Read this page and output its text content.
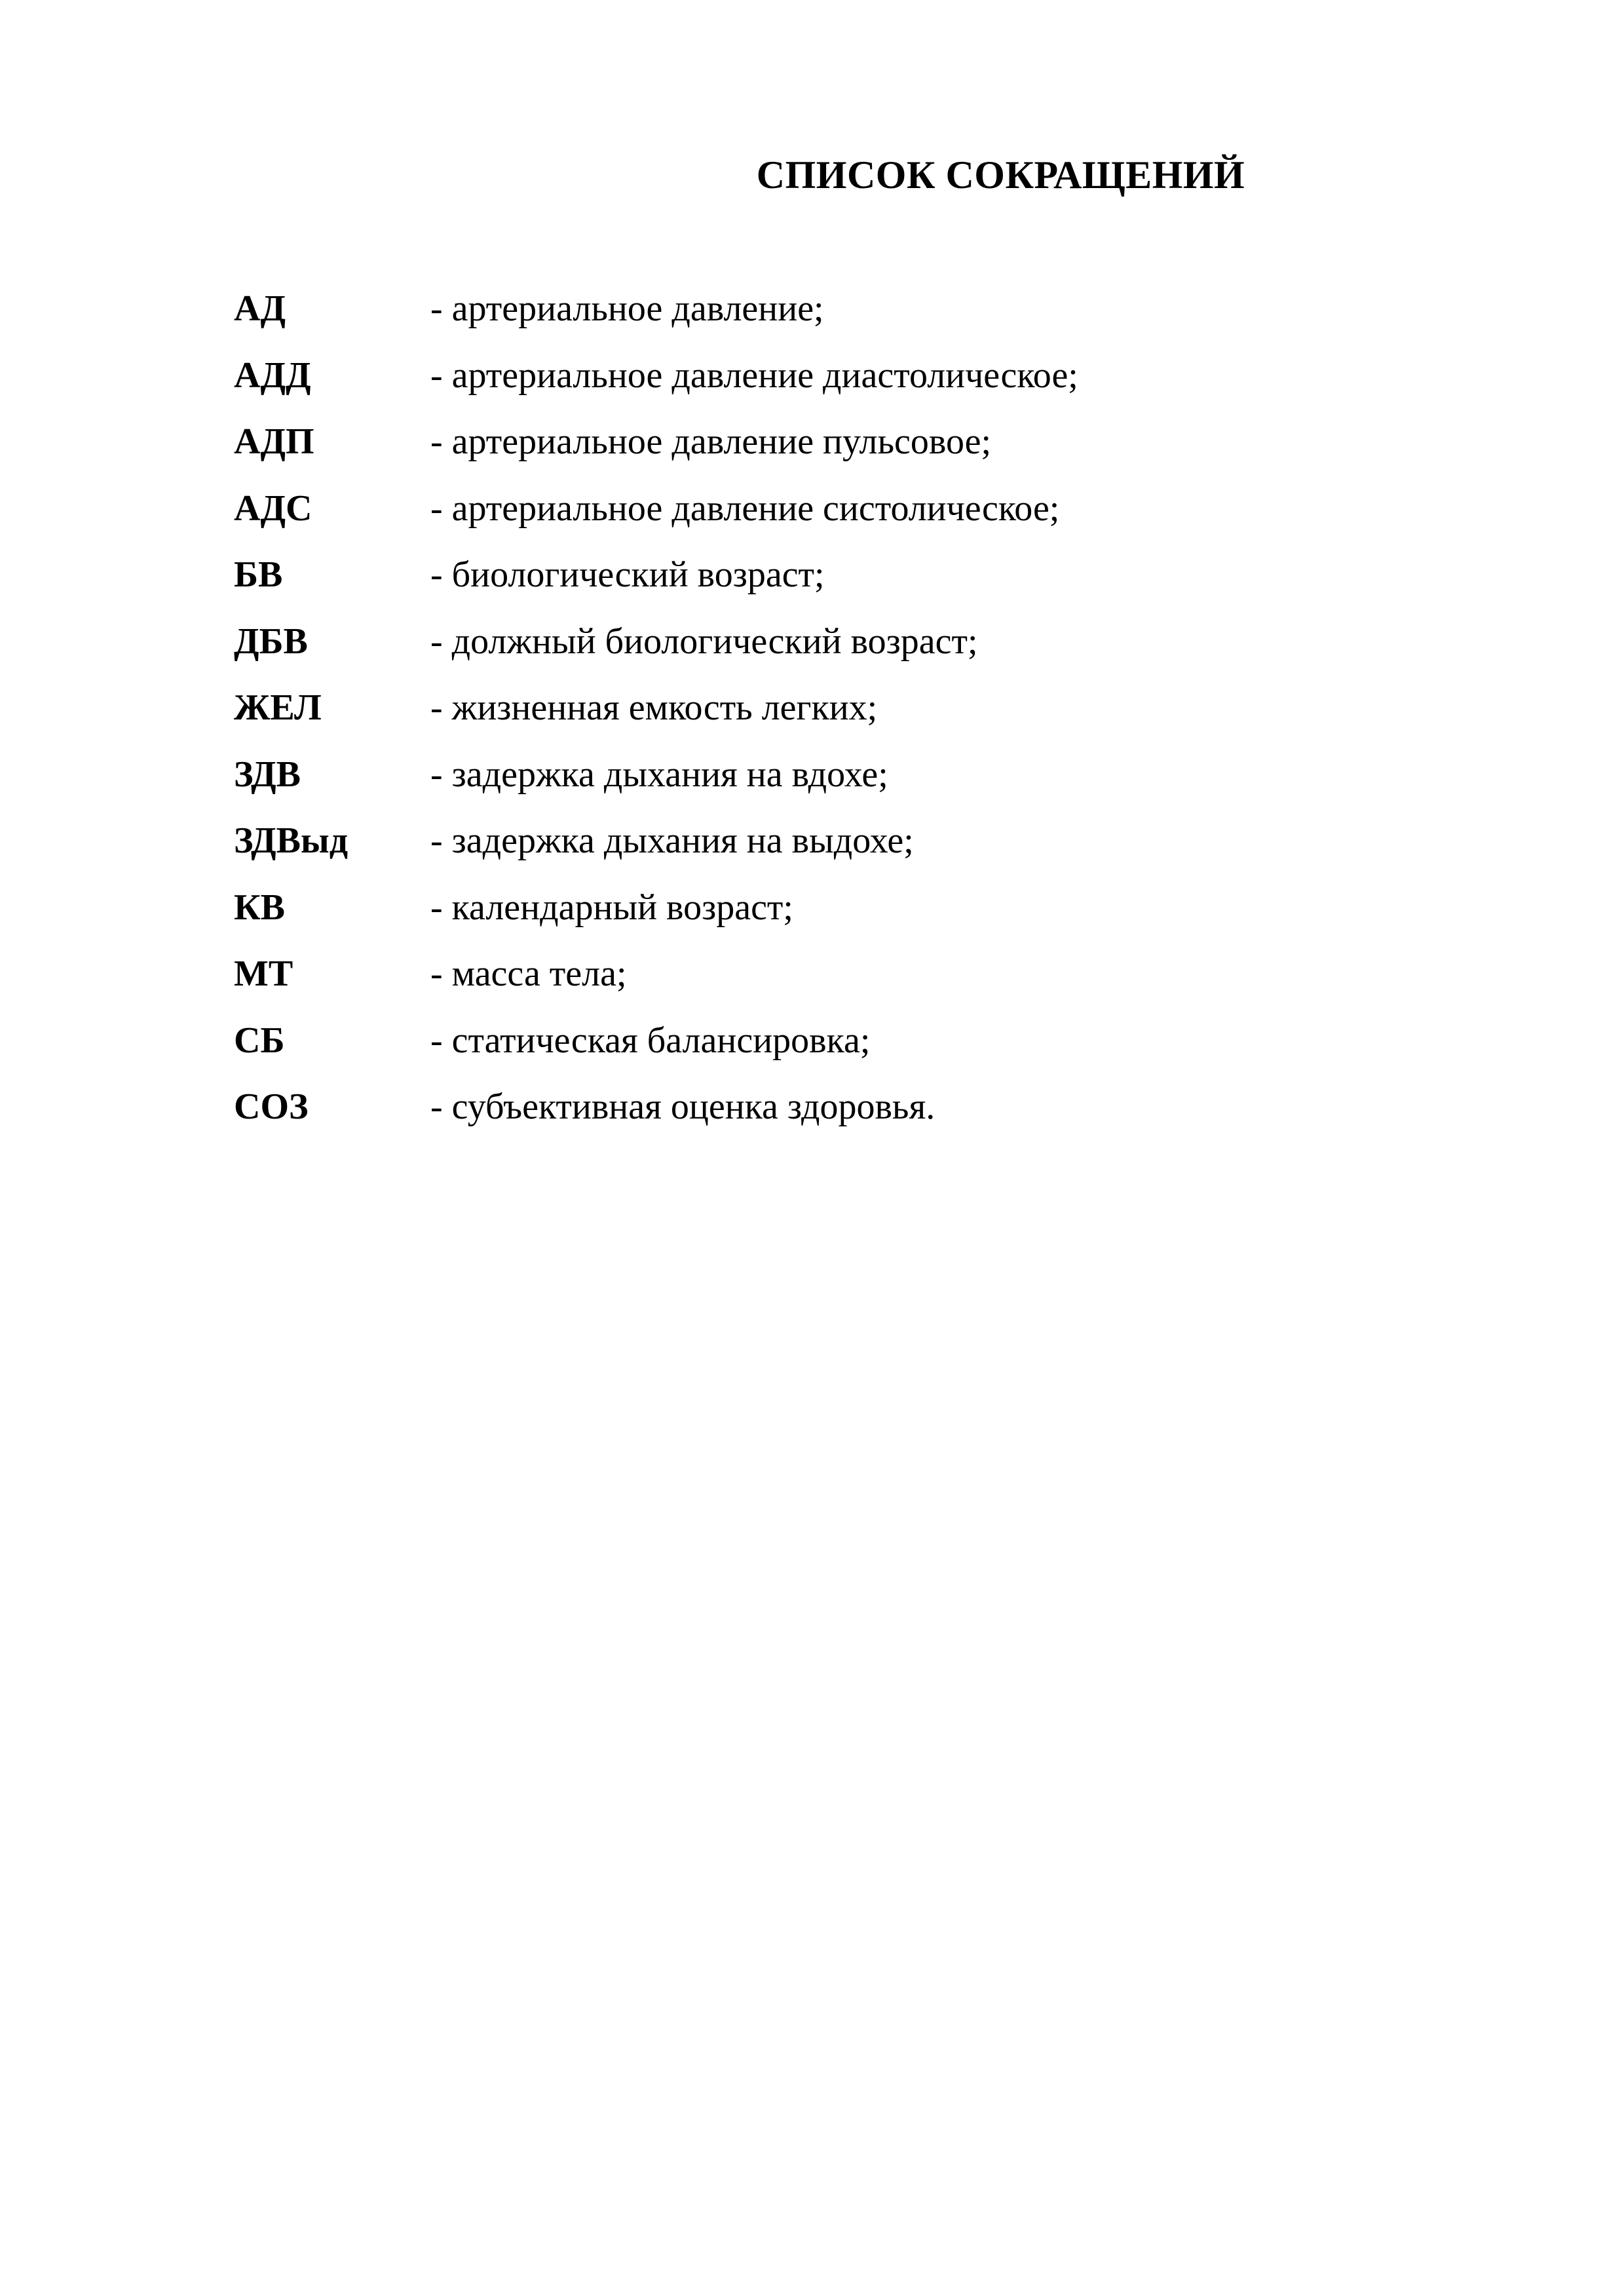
СПИСОК СОКРАЩЕНИЙ
АД	- артериальное давление;
АДД	- артериальное давление диастолическое;
АДП	- артериальное давление пульсовое;
АДС	- артериальное давление систолическое;
БВ	- биологический возраст;
ДБВ	- должный биологический возраст;
ЖЕЛ	- жизненная емкость легких;
ЗДВ	- задержка дыхания на вдохе;
ЗДВыд	- задержка дыхания на выдохе;
КВ	- календарный возраст;
МТ	- масса тела;
СБ	- статическая балансировка;
СОЗ	- субъективная оценка здоровья.
